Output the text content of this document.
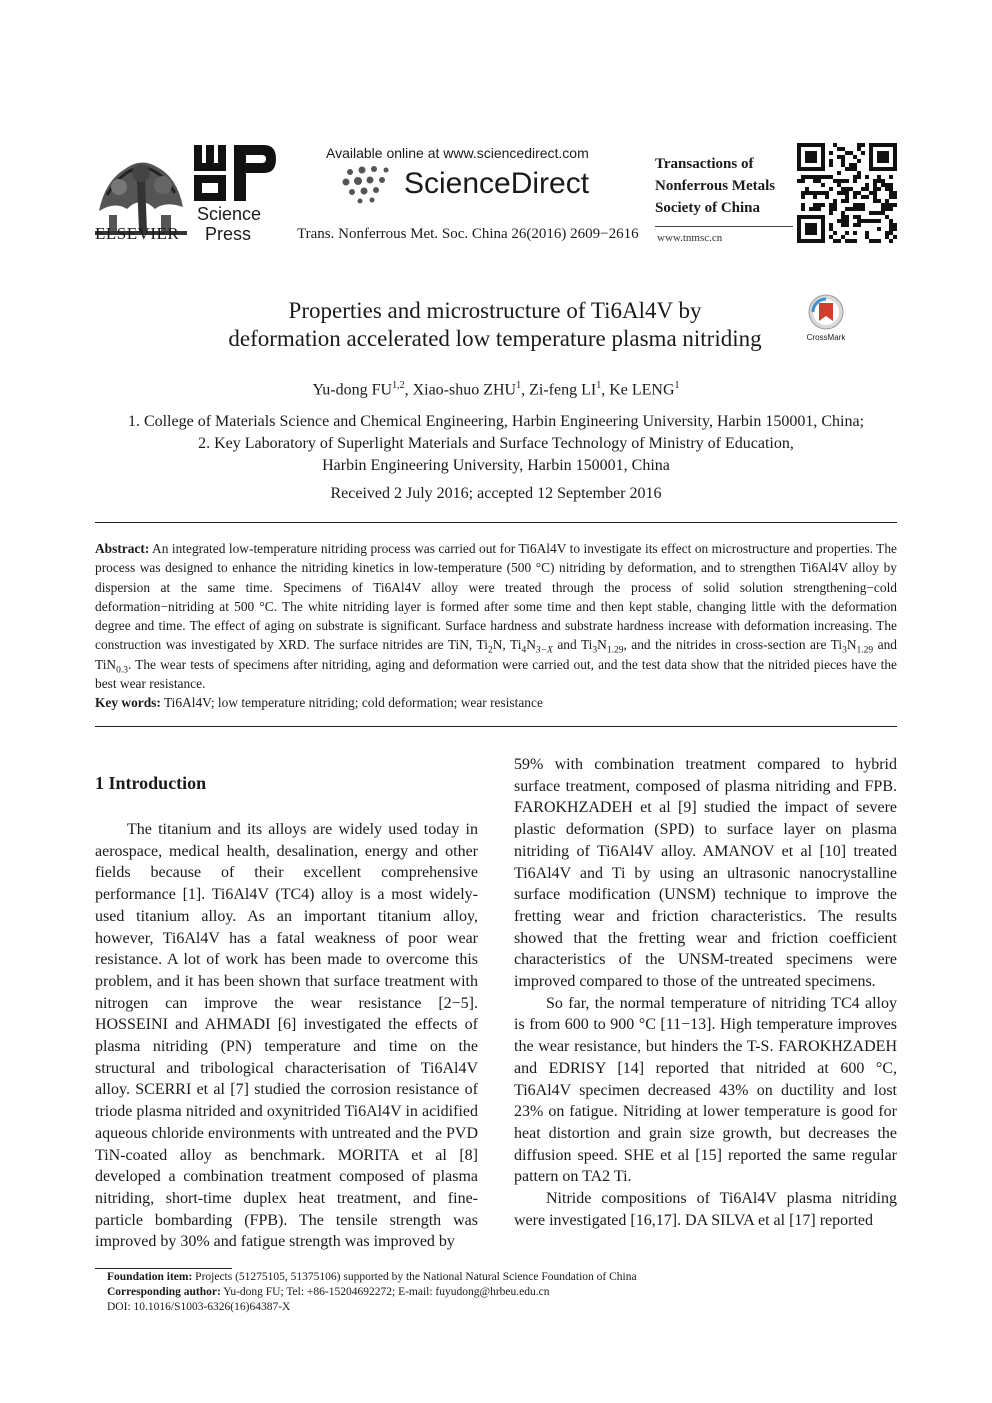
ELSEVIER
Science
Press
Available online at www.sciencedirect.com
ScienceDirect
Trans. Nonferrous Met. Soc. China 26(2016) 2609−2616
Transactions of
Nonferrous Metals
Society of China
www.tnmsc.cn
Properties and microstructure of Ti6Al4V by
deformation accelerated low temperature plasma nitriding	CrossMark
Yu-dong FU$^{1,2}$, Xiao-shuo ZHU$^1$, Zi-feng $LI^1$, Ke LENG$^1$
1. College of Materials Science and Chemical Engineering, Harbin Engineering University, Harbin 150001, China;
2. Key Laboratory of Superlight Materials and Surface Technology of Ministry of Education,
Harbin Engineering University, Harbin 150001, China
Received 2 July 2016; accepted 12 September 2016

Abstract: An integrated low-temperature nitriding process was carried out for Ti6Al4V to investigate its effect on microstructure and properties. The process was designed to enhance the nitriding kinetics in low-temperature (500 °C) nitriding by deformation, and to strengthen Ti6Al4V alloy by dispersion at the same time. Specimens of Ti6Al4V alloy were treated through the process of solid solution strengthening−cold deformation−nitriding at 500 °C. The white nitriding layer is formed after some time and then kept stable, changing little with the deformation degree and time. The effect of aging on substrate is significant. Surface hardness and substrate hardness increase with deformation increasing. The construction was investigated by XRD. The surface nitrides are TiN, $Ti_2N$, $Ti_4N_{3-X}$ and $Ti_3N_{1.29}$, and the nitrides in cross-section are $Ti_3N_{1.29}$ and TiN$_{0.3}$. The wear tests of specimens after nitriding, aging and deformation were carried out, and the test data show that the nitrided pieces have the best wear resistance.

Key words: Ti6Al4V; low temperature nitriding; cold deformation; wear resistance

1 Introduction

The titanium and its alloys are widely used today in aerospace, medical health, desalination, energy and other fields because of their excellent comprehensive performance [1]. Ti6Al4V (TC4) alloy is a most widely-used titanium alloy. As an important titanium alloy, however, Ti6Al4V has a fatal weakness of poor wear resistance. A lot of work has been made to overcome this problem, and it has been shown that surface treatment with nitrogen can improve the wear resistance [2−5]. HOSSEINI and AHMADI [6] investigated the effects of plasma nitriding (PN) temperature and time on the structural and tribological characterisation of Ti6Al4V alloy. SCERRI et al [7] studied the corrosion resistance of triode plasma nitrided and oxynitrided Ti6Al4V in acidified aqueous chloride environments with untreated and the PVD TiN-coated alloy as benchmark. MORITA et al [8] developed a combination treatment composed of plasma nitriding, short-time duplex heat treatment, and fine-particle bombarding (FPB). The tensile strength was improved by 30% and fatigue strength was improved by

59% with combination treatment compared to hybrid surface treatment, composed of plasma nitriding and FPB. FAROKHZADEH et al [9] studied the impact of severe plastic deformation (SPD) to surface layer on plasma nitriding of Ti6Al4V alloy. AMANOV et al [10] treated Ti6Al4V and Ti by using an ultrasonic nanocrystalline surface modification (UNSM) technique to improve the fretting wear and friction characteristics. The results showed that the fretting wear and friction coefficient characteristics of the UNSM-treated specimens were improved compared to those of the untreated specimens.

So far, the normal temperature of nitriding TC4 alloy is from 600 to 900 °C [11−13]. High temperature improves the wear resistance, but hinders the T-S. FAROKHZADEH and EDRISY [14] reported that nitrided at 600 °C, Ti6Al4V specimen decreased 43% on ductility and lost 23% on fatigue. Nitriding at lower temperature is good for heat distortion and grain size growth, but decreases the diffusion speed. SHE et al [15] reported the same regular pattern on TA2 Ti.

Nitride compositions of Ti6Al4V plasma nitriding were investigated [16,17]. DA SILVA et al [17] reported

Foundation item: Projects (51275105, 51375106) supported by the National Natural Science Foundation of China

Corresponding author: Yu-dong FU; Tel: +86-15204692272; E-mail: fuyudong@hrbeu.edu.cn

DOI: 10.1016/S1003-6326(16)64387-X
